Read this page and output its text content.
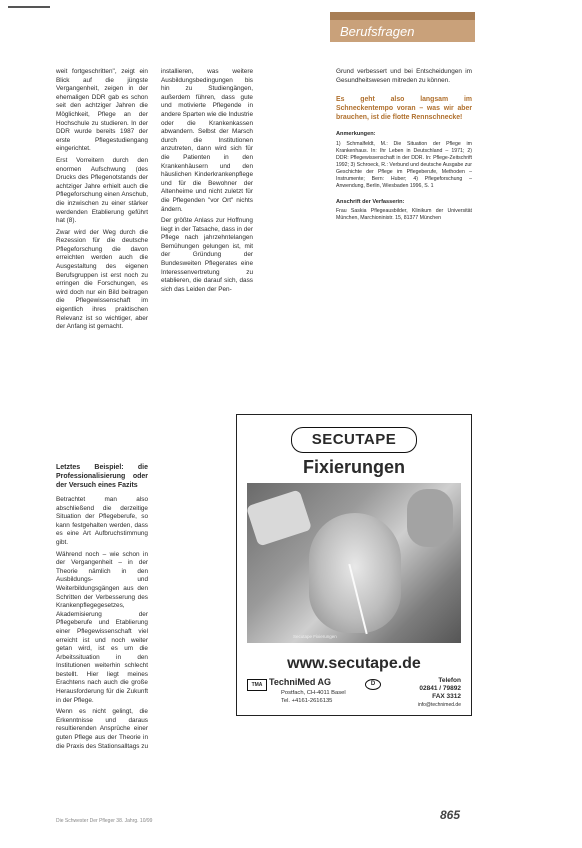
Berufsfragen

weit fortgeschritten", zeigt ein Blick auf die jüngste Vergangenheit, zeigen in der ehemaligen DDR gab es schon seit den achtziger Jahren die Möglichkeit, Pflege an der Hochschule zu studieren. In der DDR wurde bereits 1987 der erste Pflegestudiengang eingerichtet.

Erst Vorreitern durch den enormen Aufschwung (des Drucks des Pflegenotstands der achtziger Jahre erhielt auch die Pflegeforschung einen Anschub, die inzwischen zu einer stärker werdenden Etablierung geführt hat (8).

Zwar wird der Weg durch die Rezession für die deutsche Pflegeforschung die davon erreichten werden auch die Ausgestaltung des eigenen Berufsgruppen ist erst noch zu erringen die Forschungen, es wird doch nur ein Bild beitragen die Pflegewissenschaft im eigentlich ihres praktischen Relevanz ist so wichtiger, aber der Anfang ist gemacht.

installieren, was weitere Ausbildungsbedingungen bis hin zu Studiengängen, außerdem führen, dass gute und motivierte Pflegende in andere Sparten wie die Industrie oder die Krankenkassen abwandern. Selbst der Marsch durch die Institutionen anzutreten, dann wird sich für die Patienten in den Krankenhäusern und den häuslichen Kinderkrankenpflege und für die Bewohner der Altenheime und nicht zuletzt für die Pflegenden "vor Ort" nichts ändern.

Der größte Anlass zur Hoffnung liegt in der Tatsache, dass in der Pflege nach jahrzehntelangen Bemühungen gelungen ist, mit der Gründung der Bundesweiten Pflegerates eine Interessenvertretung zu etablieren, die darauf sich, dass sich das Leiden der Pen-

Grund verbessert und bei Entscheidungen im Gesundheitswesen mitreden zu können.

Es geht also langsam im Schneckentempo voran – was wir aber brauchen, ist die flotte Rennschnecke!

Anmerkungen:

1) Schmalfeldt, M.: Die Situation der Pflege im Krankenhaus. In: Ihr Leben in Deutschland – 1971; 2) DDR: Pflegewissenschaft in der DDR. In: Pflege-Zeitschrift 1992; 3) Schroeck, R.: Verbund und deutsche Ausgabe zur Geschichte der Pflege im Pflegeberufe, Methoden – Instrumente; Bern: Huber; 4) Pflegeforschung – Anwendung, Berlin, Wiesbaden 1996, S. 1

Anschrift der Verfasserin:

Frau Saskia Pflegeausbilder, Klinikum der Universität München, Marchioninistr. 15, 81377 München

Letztes Beispiel: die Professionalisierung oder der Versuch eines Fazits

Betrachtet man also abschließend die derzeitige Situation der Pflegeberufe, so kann festgehalten werden, dass es eine Art Aufbruchstimmung gibt.

Während noch – wie schon in der Vergangenheit – in der Theorie nämlich in den Ausbildungs- und Weiterbildungsgängen aus den Schritten der Verbesserung des Krankenpflegegesetzes, Akademisierung der Pflegeberufe und Etablierung einer Pflegewissenschaft viel erreicht ist und noch weiter getan wird, ist es um die Arbeitssituation in den Institutionen weiterhin schlecht bestellt. Hier liegt meines Erachtens nach auch die große Herausforderung für die Zukunft in der Pflege.

Wenn es nicht gelingt, die Erkenntnisse und daraus resultierenden Ansprüche einer guten Pflege aus der Theorie in die Praxis des Stationsalltags zu

SECUTAPE
Fixierungen
Secutape Fixierungen
www.secutape.de
TMA TechniMed AG
Postfach, CH-4011 Basel
Tel. +4161-2616135
D	Telefon
02841 / 79892
FAX 3312
info@technimed.de
Die Schwester Der Pfleger 38. Jahrg. 10/99	865
